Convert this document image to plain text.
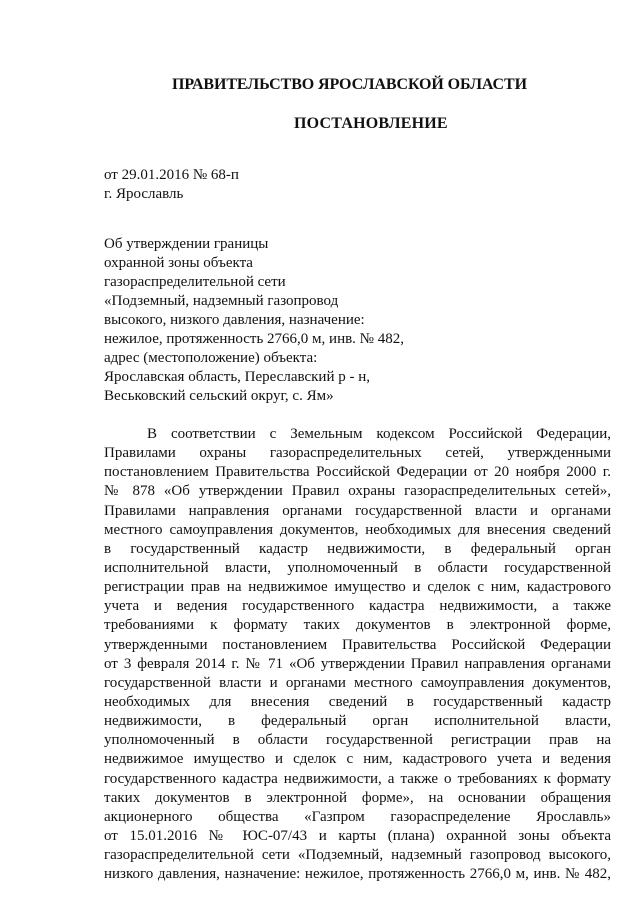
ПРАВИТЕЛЬСТВО ЯРОСЛАВСКОЙ ОБЛАСТИ
ПОСТАНОВЛЕНИЕ
от 29.01.2016 № 68-п
г. Ярославль
Об утверждении границы
охранной зоны объекта
газораспределительной сети
«Подземный, надземный газопровод
высокого, низкого давления, назначение:
нежилое, протяженность 2766,0 м, инв. № 482,
адрес (местоположение) объекта:
Ярославская область, Переславский р - н,
Веськовский сельский округ, с. Ям»
В соответствии с Земельным кодексом Российской Федерации,
Правилами охраны газораспределительных сетей, утвержденными
постановлением Правительства Российской Федерации от 20 ноября 2000 г.
№ 878 «Об утверждении Правил охраны газораспределительных сетей»,
Правилами направления органами государственной власти и органами
местного самоуправления документов, необходимых для внесения сведений
в государственный кадастр недвижимости, в федеральный орган
исполнительной власти, уполномоченный в области государственной
регистрации прав на недвижимое имущество и сделок с ним, кадастрового
учета и ведения государственного кадастра недвижимости, а также
требованиями к формату таких документов в электронной форме,
утвержденными постановлением Правительства Российской Федерации
от 3 февраля 2014 г. № 71 «Об утверждении Правил направления органами
государственной власти и органами местного самоуправления документов,
необходимых для внесения сведений в государственный кадастр
недвижимости, в федеральный орган исполнительной власти,
уполномоченный в области государственной регистрации прав на
недвижимое имущество и сделок с ним, кадастрового учета и ведения
государственного кадастра недвижимости, а также о требованиях к формату
таких документов в электронной форме», на основании обращения
акционерного общества «Газпром газораспределение Ярославль»
от 15.01.2016 № ЮС-07/43 и карты (плана) охранной зоны объекта
газораспределительной сети «Подземный, надземный газопровод высокого,
низкого давления, назначение: нежилое, протяженность 2766,0 м, инв. № 482,
